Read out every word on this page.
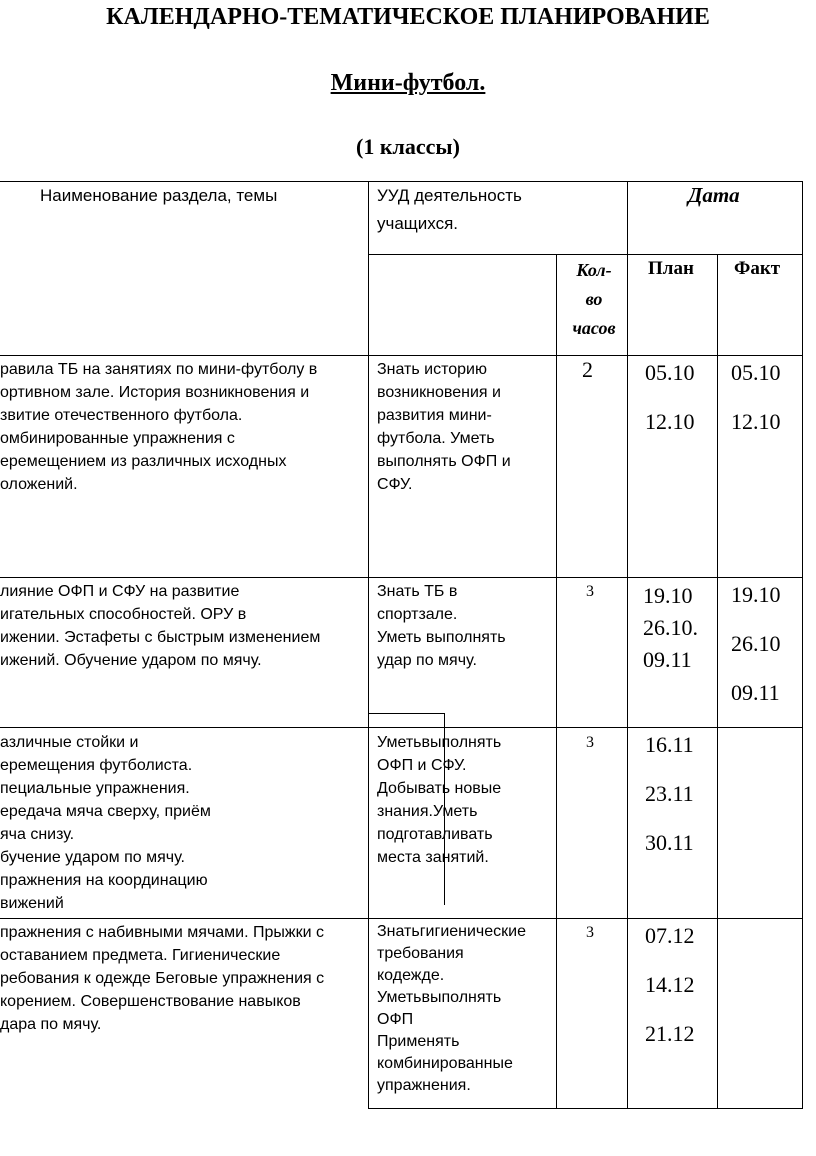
КАЛЕНДАРНО-ТЕМАТИЧЕСКОЕ ПЛАНИРОВАНИЕ
Мини-футбол.
(1 классы)
Наименование раздела, темы	УУД деятельность учащихся.
Дата
Кол-
во
часов
План Факт
равила ТБ на занятиях по мини-футболу в
ортивном зале. История возникновения и
звитие отечественного футбола.
омбинированные упражнения с
еремещением из различных исходных
оложений.
Знать историю
возникновения и
развития мини-
футбола. Уметь
выполнять ОФП и
СФУ.
2 05.10
12.10
05.10
12.10
лияние ОФП и СФУ на развитие
игательных способностей. ОРУ в
ижении. Эстафеты с быстрым изменением
ижений. Обучение ударом по мячу.
Знать ТБ в
спортзале.
Уметь выполнять
удар по мячу.
3 19.10
26.10.
09.11
19.10
26.10
09.11
азличные стойки и
еремещения футболиста.
пециальные упражнения.
ередача мяча сверху, приём
яча снизу.
бучение ударом по мячу.
пражнения на координацию
вижений
Уметьвыполнять
ОФП и СФУ.
Добывать новые
знания.Уметь
подготавливать
места занятий.
3 16.11
23.11
30.11
пражнения с набивными мячами. Прыжки с
оставанием предмета. Гигиенические
ребования к одежде Беговые упражнения с
корением. Совершенствование навыков
дара по мячу.
Знатьгигиенические
требования
кодежде.
Уметьвыполнять
ОФП
Применять
комбинированные
упражнения.
3 07.12
14.12
21.12
